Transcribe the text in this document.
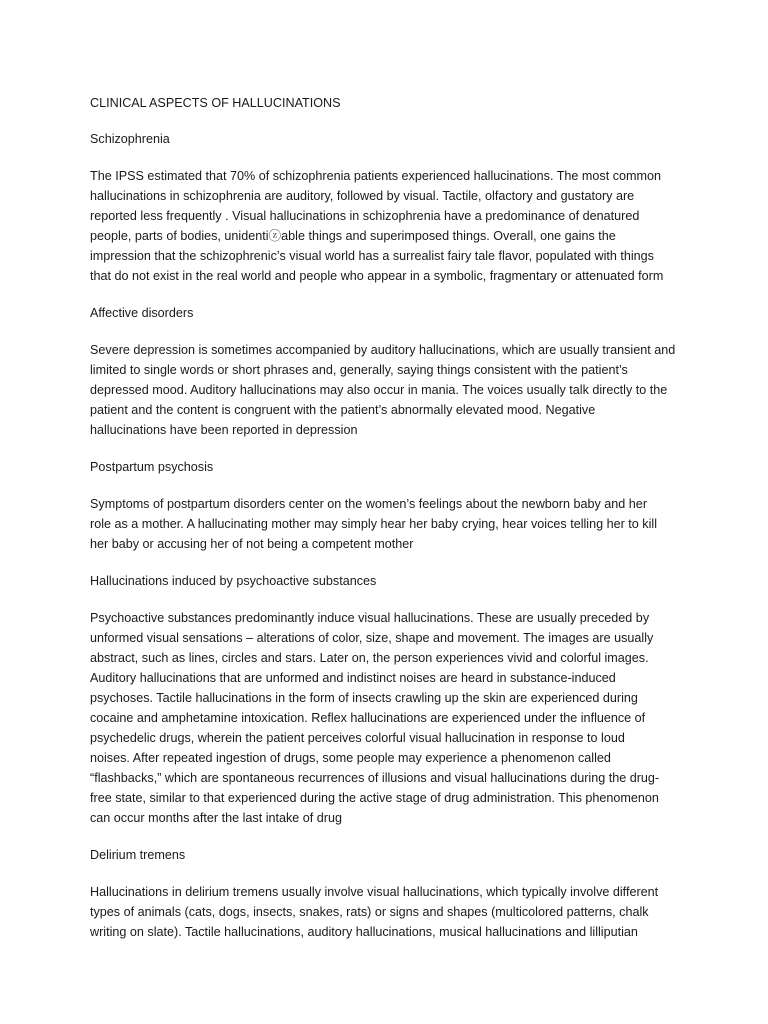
CLINICAL ASPECTS OF HALLUCINATIONS
Schizophrenia
The IPSS estimated that 70% of schizophrenia patients experienced hallucinations. The most common
hallucinations in schizophrenia are auditory, followed by visual. Tactile, olfactory and gustatory are
reported less frequently . Visual hallucinations in schizophrenia have a predominance of denatured
people, parts of bodies, unidentiⓩable things and superimposed things. Overall, one gains the
impression that the schizophrenic’s visual world has a surrealist fairy tale flavor, populated with things
that do not exist in the real world and people who appear in a symbolic, fragmentary or attenuated form
Affective disorders
Severe depression is sometimes accompanied by auditory hallucinations, which are usually transient and
limited to single words or short phrases and, generally, saying things consistent with the patient’s
depressed mood. Auditory hallucinations may also occur in mania. The voices usually talk directly to the
patient and the content is congruent with the patient’s abnormally elevated mood. Negative
hallucinations have been reported in depression
Postpartum psychosis
Symptoms of postpartum disorders center on the women’s feelings about the newborn baby and her
role as a mother. A hallucinating mother may simply hear her baby crying, hear voices telling her to kill
her baby or accusing her of not being a competent mother
Hallucinations induced by psychoactive substances
Psychoactive substances predominantly induce visual hallucinations. These are usually preceded by
unformed visual sensations – alterations of color, size, shape and movement. The images are usually
abstract, such as lines, circles and stars. Later on, the person experiences vivid and colorful images.
Auditory hallucinations that are unformed and indistinct noises are heard in substance-induced
psychoses. Tactile hallucinations in the form of insects crawling up the skin are experienced during
cocaine and amphetamine intoxication. Reflex hallucinations are experienced under the influence of
psychedelic drugs, wherein the patient perceives colorful visual hallucination in response to loud
noises. After repeated ingestion of drugs, some people may experience a phenomenon called
“flashbacks,” which are spontaneous recurrences of illusions and visual hallucinations during the drug-
free state, similar to that experienced during the active stage of drug administration. This phenomenon
can occur months after the last intake of drug
Delirium tremens
Hallucinations in delirium tremens usually involve visual hallucinations, which typically involve different
types of animals (cats, dogs, insects, snakes, rats) or signs and shapes (multicolored patterns, chalk
writing on slate). Tactile hallucinations, auditory hallucinations, musical hallucinations and lilliputian
